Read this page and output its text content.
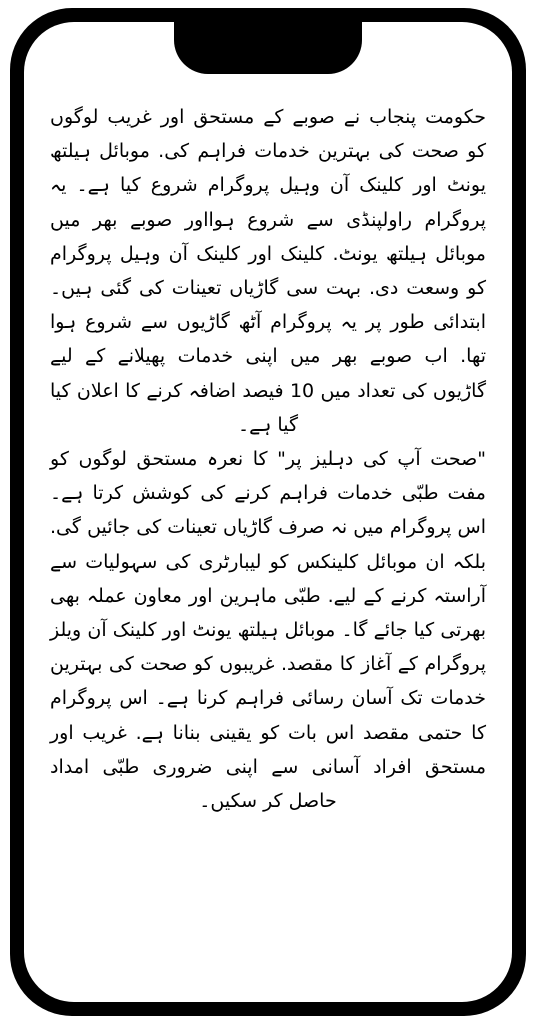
حکومت پنجاب نے صوبے کے مستحق اور غریب لوگوں کو صحت کی بہترین خدمات فراہم کی. موبائل ہیلتھ یونٹ اور کلینک آن وہیل پروگرام شروع کیا ہے۔ یہ پروگرام راولپنڈی سے شروع ہوااور صوبے بھر میں موبائل ہیلتھ یونٹ. کلینک اور کلینک آن وہیل پروگرام کو وسعت دی. بہت سی گاڑیاں تعینات کی گئی ہیں۔ ابتدائی طور پر یہ پروگرام آٹھ گاڑیوں سے شروع ہوا تھا. اب صوبے بھر میں اپنی خدمات پھیلانے کے لیے گاڑیوں کی تعداد میں 10 فیصد اضافہ کرنے کا اعلان کیا گیا ہے۔

"صحت آپ کی دہلیز پر" کا نعرہ مستحق لوگوں کو مفت طبّی خدمات فراہم کرنے کی کوشش کرتا ہے۔ اس پروگرام میں نہ صرف گاڑیاں تعینات کی جائیں گی. بلکہ ان موبائل کلینکس کو لیبارٹری کی سہولیات سے آراستہ کرنے کے لیے. طبّی ماہرین اور معاون عملہ بھی بھرتی کیا جائے گا۔ موبائل ہیلتھ یونٹ اور کلینک آن ویلز پروگرام کے آغاز کا مقصد. غریبوں کو صحت کی بہترین خدمات تک آسان رسائی فراہم کرنا ہے۔ اس پروگرام کا حتمی مقصد اس بات کو یقینی بنانا ہے. غریب اور مستحق افراد آسانی سے اپنی ضروری طبّی امداد حاصل کر سکیں۔
